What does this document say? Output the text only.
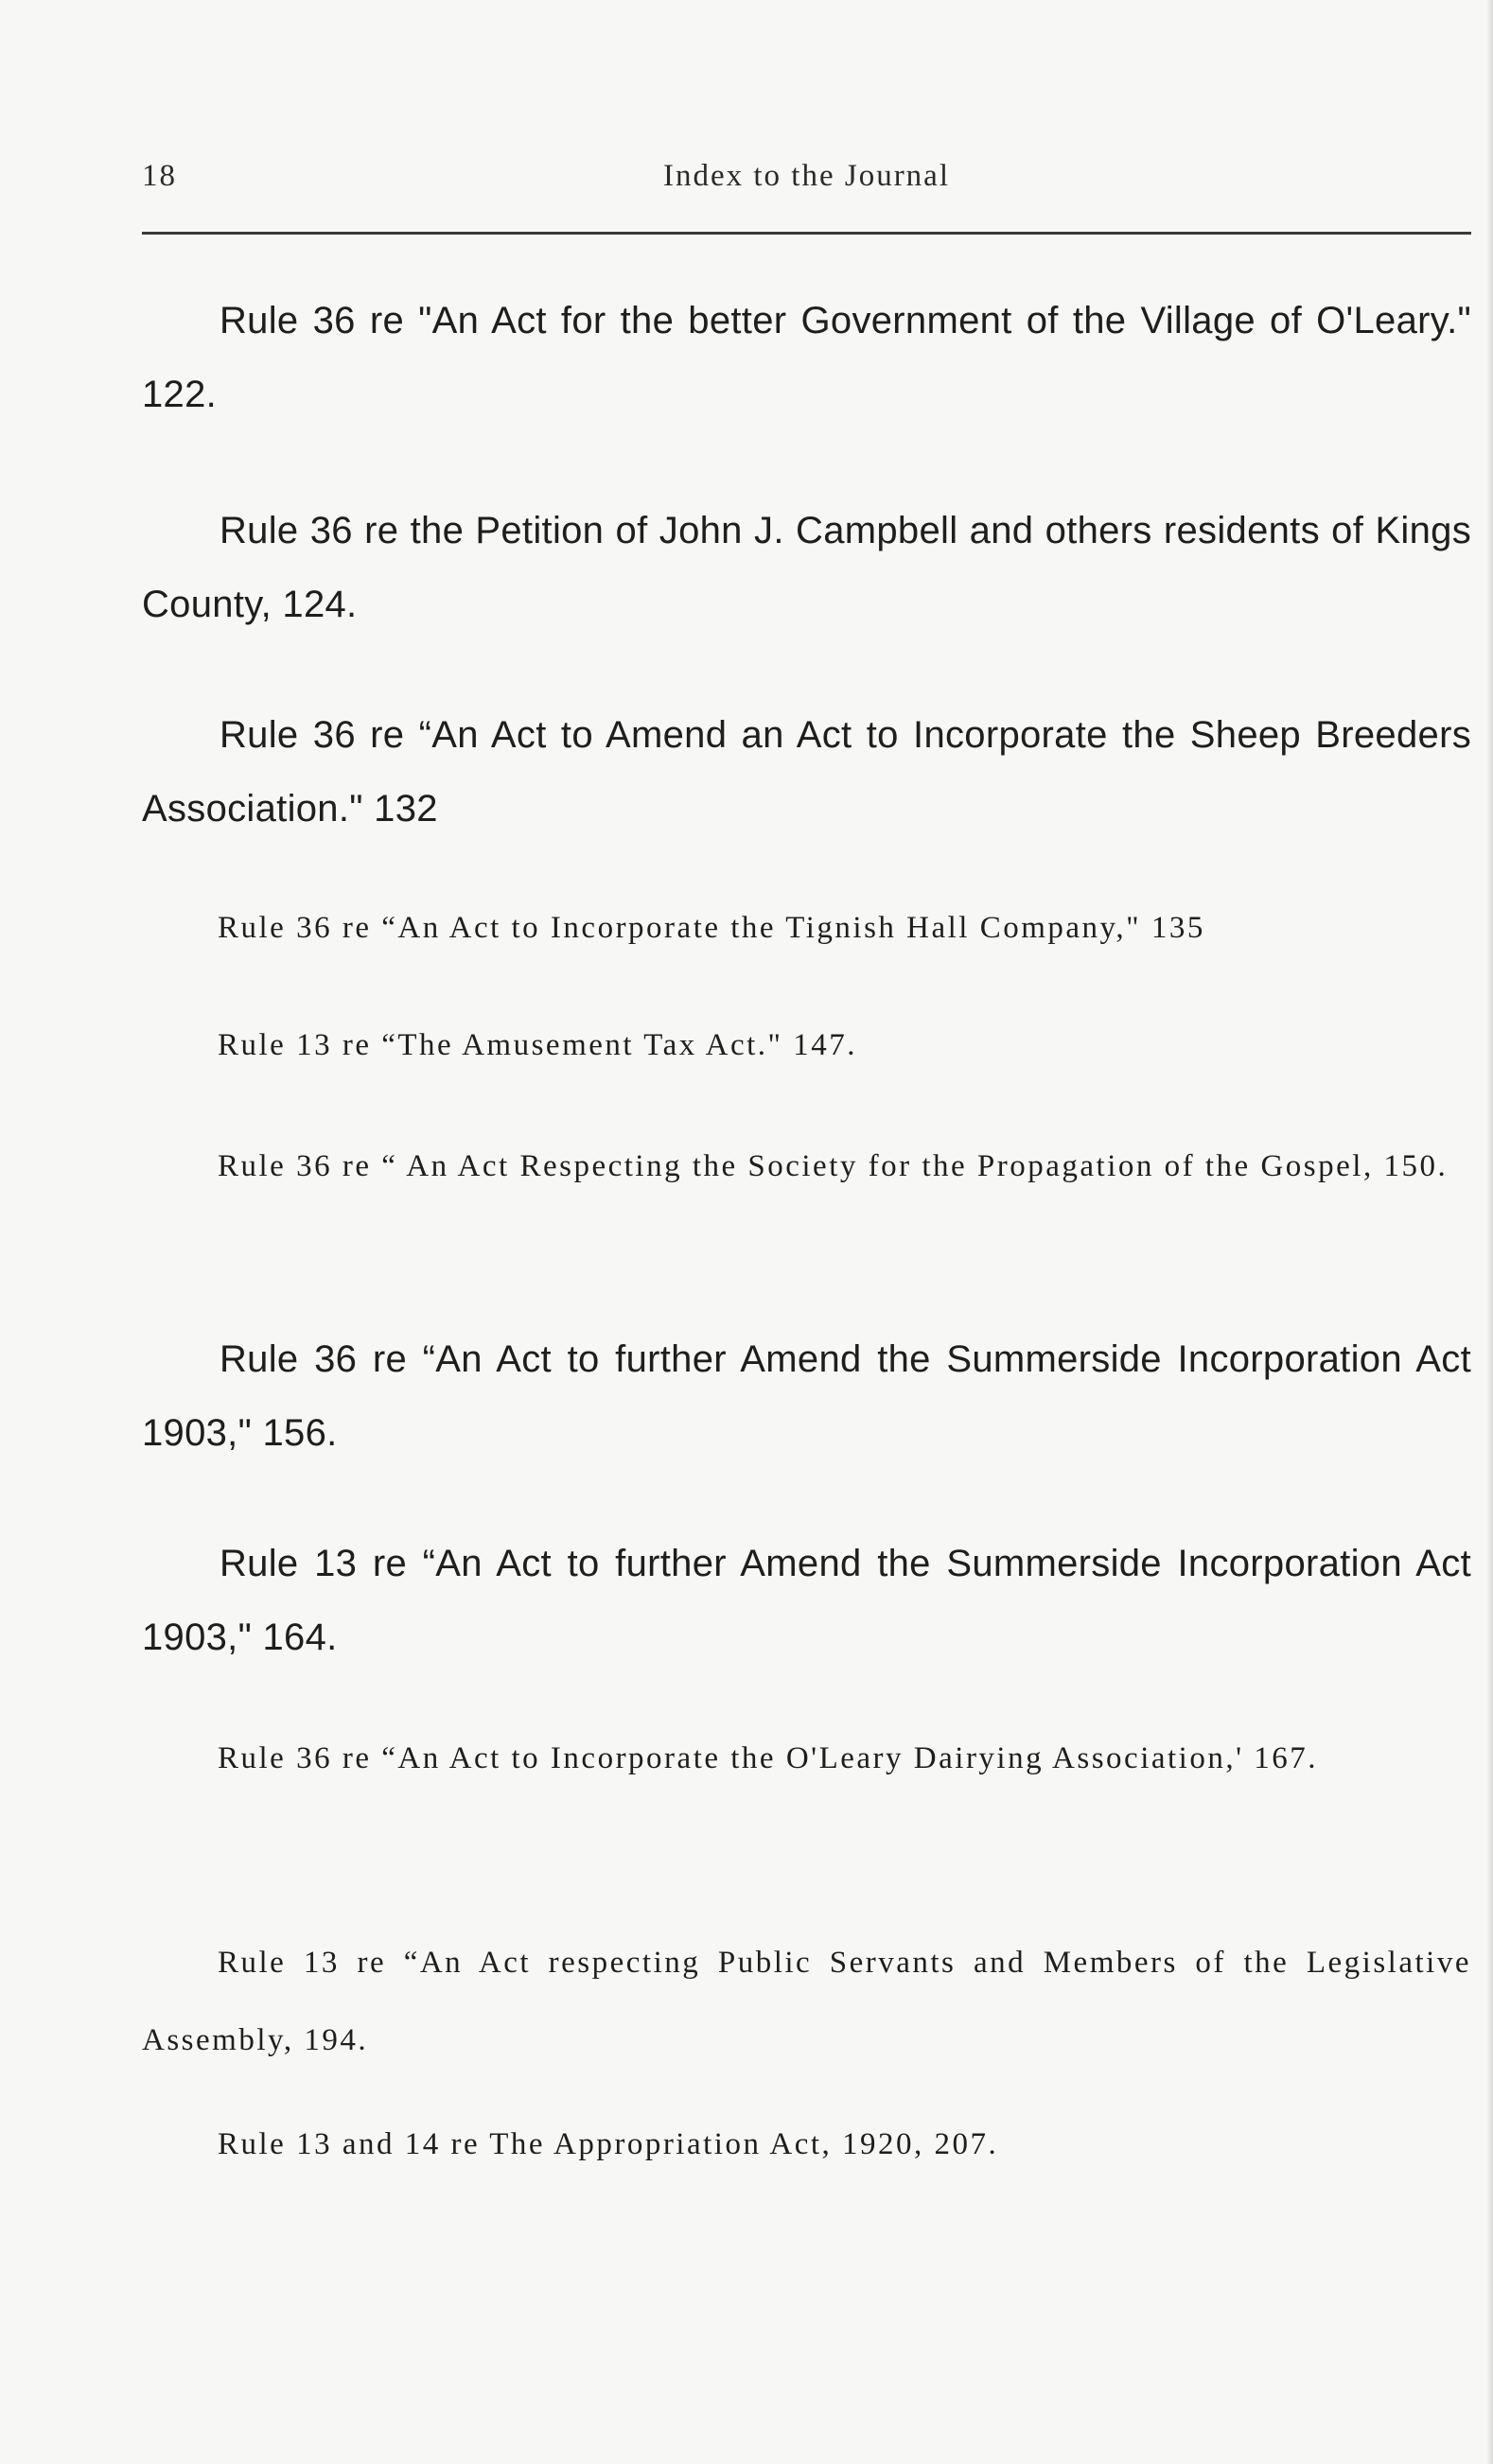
18	Index to the Journal

Rule 36 re "An Act for the better Government of the Village of O'Leary." 122.

Rule 36 re the Petition of John J. Campbell and others residents of Kings County, 124.

Rule 36 re “An Act to Amend an Act to Incorporate the Sheep Breeders Association." 132

Rule 36 re “An Act to Incorporate the Tignish Hall Company," 135

Rule 13 re “The Amusement Tax Act." 147.

Rule 36 re “ An Act Respecting the Society for the Propagation of the Gospel, 150.

Rule 36 re “An Act to further Amend the Summerside Incorporation Act 1903," 156.

Rule 13 re “An Act to further Amend the Summerside Incorporation Act 1903," 164.

Rule 36 re “An Act to Incorporate the O'Leary Dairying Association,' 167.

Rule 13 re “An Act respecting Public Servants and Members of the Legislative Assembly, 194.

Rule 13 and 14 re The Appropriation Act, 1920, 207.
